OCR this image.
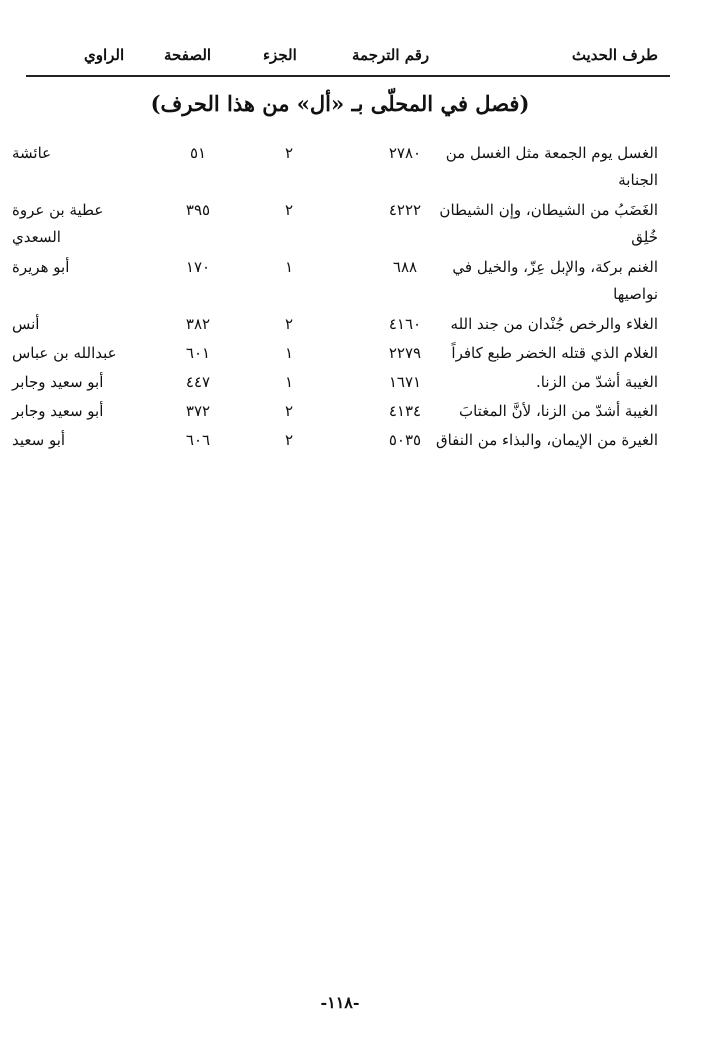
طرف الحديث
رقم الترجمة
الجزء
الصفحة
الراوي
(فصل في المحلّى بـ «أل» من هذا الحرف)
الغسل يوم الجمعة مثل الغسل من الجنابة
٢٧٨٠
٢
٥١
عائشة
الغَضَبُ من الشيطان، وإن الشيطان خُلِق
٤٢٢٢
٢
٣٩٥
عطية بن عروة السعدي
الغنم بركة، والإبل عِزّ، والخيل في نواصيها
٦٨٨
١
١٧٠
أبو هريرة
الغلاء والرخص جُنْدان من جند الله
٤١٦٠
٢
٣٨٢
أنس
الغلام الذي قتله الخضر طبع كافراً
٢٢٧٩
١
٦٠١
عبدالله بن عباس
الغيبة أشدّ من الزنا.
١٦٧١
١
٤٤٧
أبو سعيد وجابر
الغيبة أشدّ من الزنا، لأنَّ المغتابَ
٤١٣٤
٢
٣٧٢
أبو سعيد وجابر
الغيرة من الإيمان، والبذاء من النفاق
٥٠٣٥
٢
٦٠٦
أبو سعيد
-١١٨-
